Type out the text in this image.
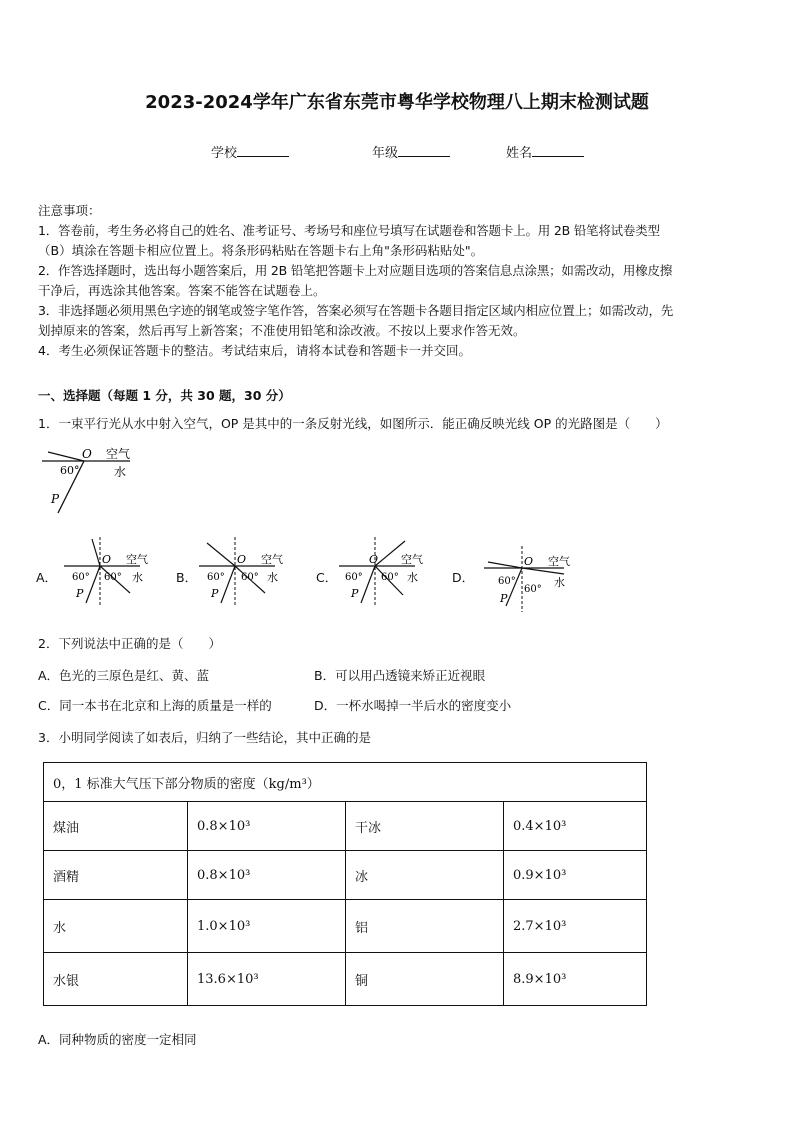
2023-2024学年广东省东莞市粤华学校物理八上期末检测试题
学校	年级	姓名

注意事项：

1．答卷前，考生务必将自己的姓名、准考证号、考场号和座位号填写在试题卷和答题卡上。用 2B 铅笔将试卷类型

（B）填涂在答题卡相应位置上。将条形码粘贴在答题卡右上角"条形码粘贴处"。

2．作答选择题时，选出每小题答案后，用 2B 铅笔把答题卡上对应题目选项的答案信息点涂黑；如需改动，用橡皮擦

干净后，再选涂其他答案。答案不能答在试题卷上。

3．非选择题必须用黑色字迹的钢笔或签字笔作答，答案必须写在答题卡各题目指定区域内相应位置上；如需改动，先

划掉原来的答案，然后再写上新答案；不准使用铅笔和涂改液。不按以上要求作答无效。

4．考生必须保证答题卡的整洁。考试结束后，请将本试卷和答题卡一并交回。

一、选择题（每题 1 分，共 30 题，30 分）
1．一束平行光从水中射入空气，OP 是其中的一条反射光线，如图所示．能正确反映光线 OP 的光路图是（　　）
O 空气
水
60°
P
A．
O 空气
水
60° 60°
P
B．
O 空气
水
60° 60°
P
C．
O 空气
水
60° 60°
P
D．
O 空气
水
60°
60°
P
2．下列说法中正确的是（　　）
A．色光的三原色是红、黄、蓝	B．可以用凸透镜来矫正近视眼
C．同一本书在北京和上海的质量是一样的	D．一杯水喝掉一半后水的密度变小
3．小明同学阅读了如表后，归纳了一些结论，其中正确的是
0，1 标准大气压下部分物质的密度（kg/m³）			
煤油	0.8×10³	干冰	0.4×10³
酒精	0.8×10³	冰	0.9×10³
水	1.0×10³	铝	2.7×10³
水银	13.6×10³	铜	8.9×10³
A．同种物质的密度一定相同
